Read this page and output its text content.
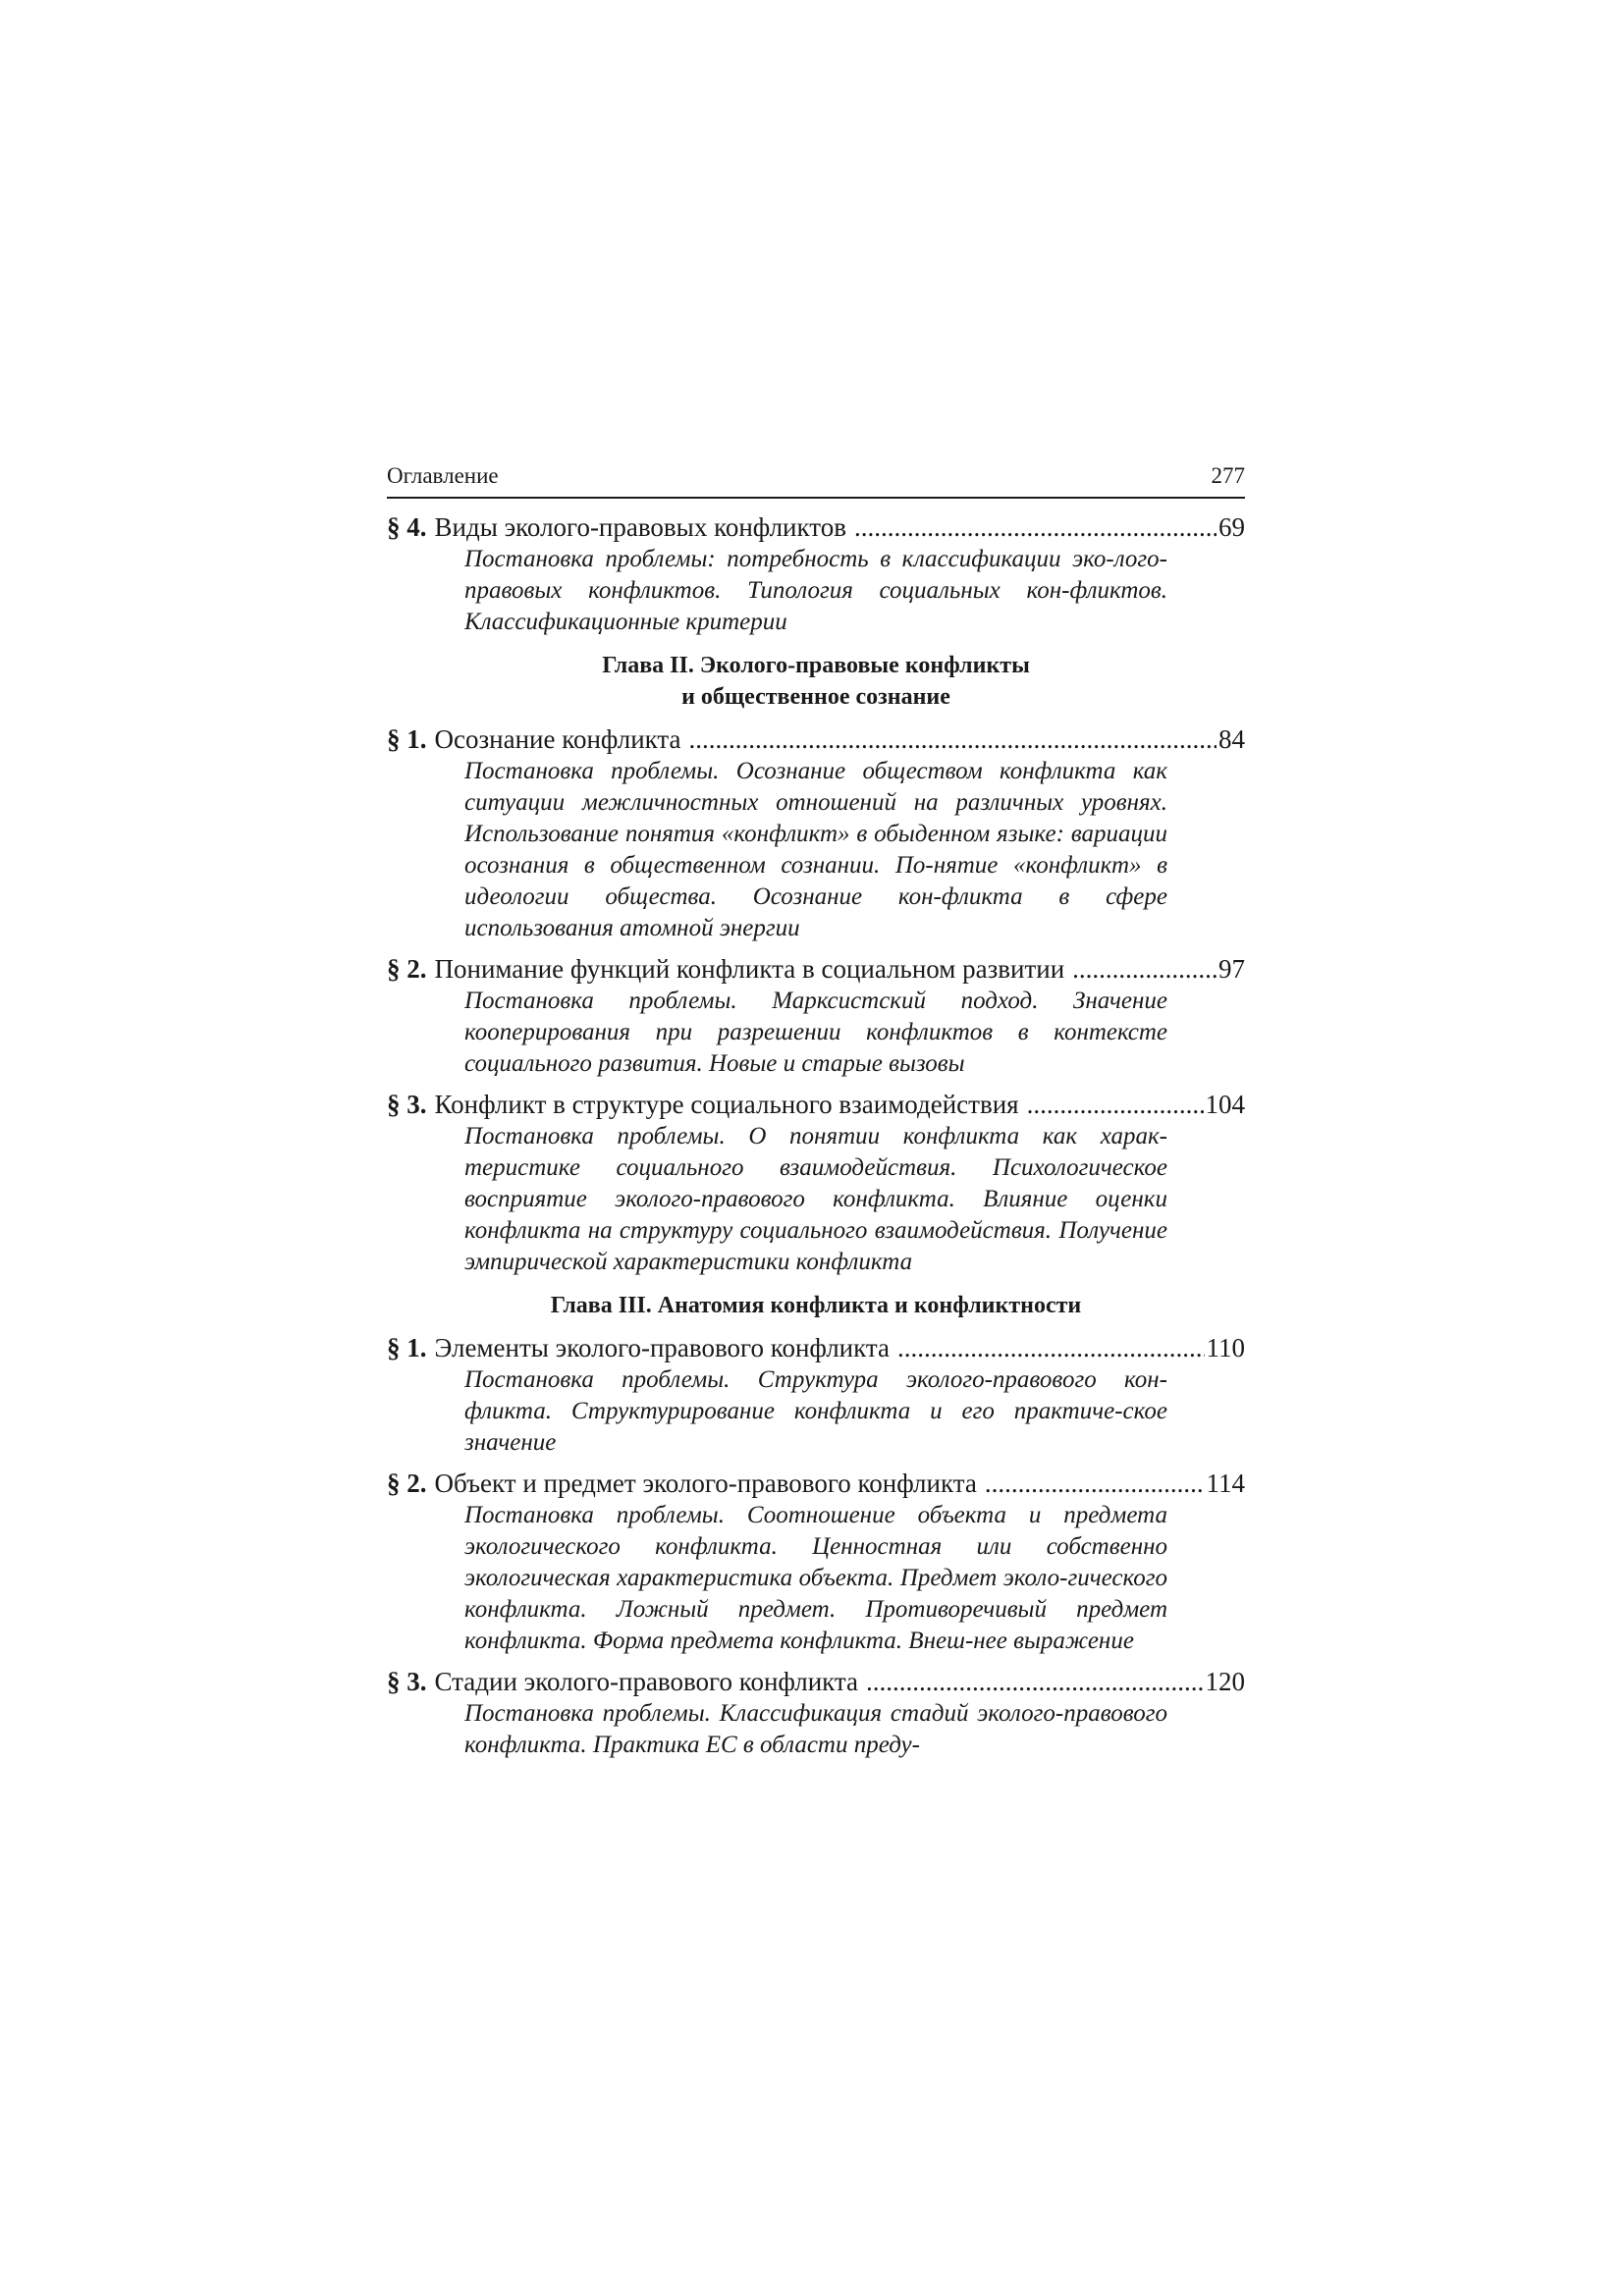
Оглавление	277
§ 4. Виды эколого-правовых конфликтов .....	69
Постановка проблемы: потребность в классификации эко-лого-правовых конфликтов. Типология социальных кон-фликтов. Классификационные критерии
Глава II. Эколого-правовые конфликты
и общественное сознание
§ 1. Осознание конфликта .....	84
Постановка проблемы. Осознание обществом конфликта как ситуации межличностных отношений на различных уровнях. Использование понятия «конфликт» в обыденном языке: вариации осознания в общественном сознании. По-нятие «конфликт» в идеологии общества. Осознание кон-фликта в сфере использования атомной энергии
§ 2. Понимание функций конфликта в социальном развитии .....	97
Постановка проблемы. Марксистский подход. Значение кооперирования при разрешении конфликтов в контексте социального развития. Новые и старые вызовы
§ 3. Конфликт в структуре социального взаимодействия .....	104
Постановка проблемы. О понятии конфликта как харак-теристике социального взаимодействия. Психологическое восприятие эколого-правового конфликта. Влияние оценки конфликта на структуру социального взаимодействия. Получение эмпирической характеристики конфликта
Глава III. Анатомия конфликта и конфликтности
§ 1. Элементы эколого-правового конфликта .....	110
Постановка проблемы. Структура эколого-правового кон-фликта. Структурирование конфликта и его практиче-ское значение
§ 2. Объект и предмет эколого-правового конфликта .....	114
Постановка проблемы. Соотношение объекта и предмета экологического конфликта. Ценностная или собственно экологическая характеристика объекта. Предмет эколо-гического конфликта. Ложный предмет. Противоречивый предмет конфликта. Форма предмета конфликта. Внеш-нее выражение
§ 3. Стадии эколого-правового конфликта .....	120
Постановка проблемы. Классификация стадий эколого-правового конфликта. Практика ЕС в области преду-
